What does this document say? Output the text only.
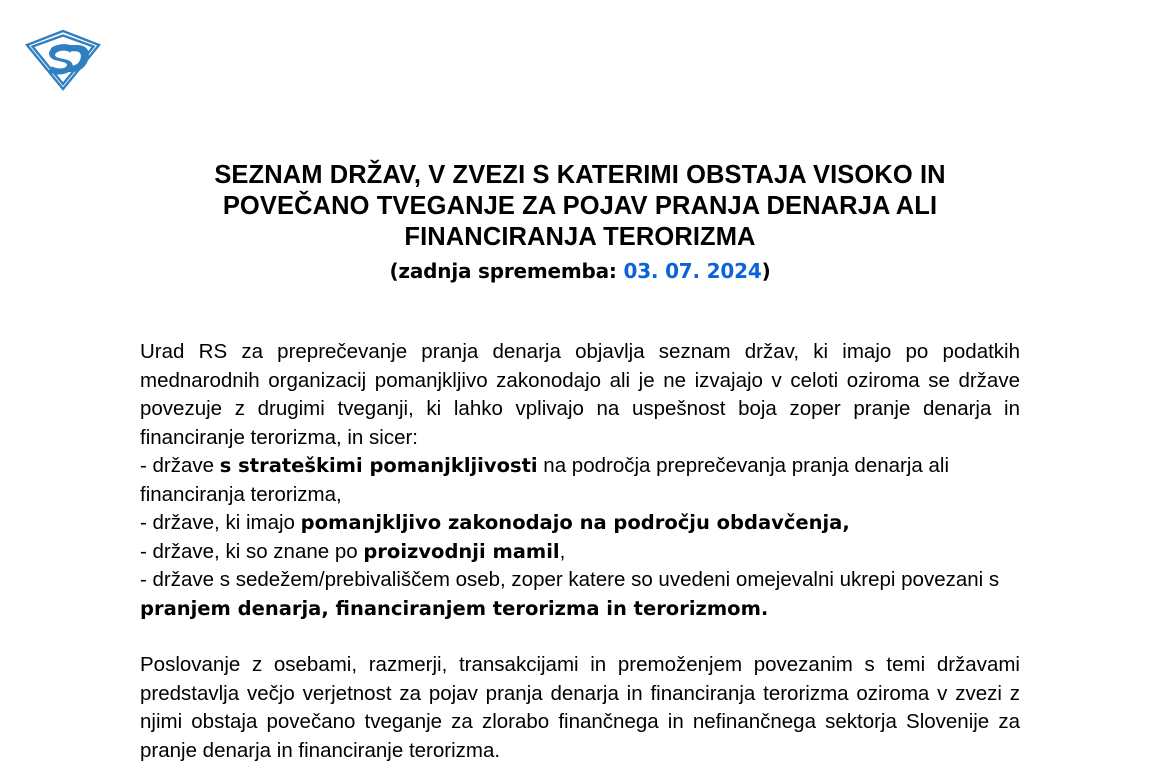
SEZNAM DRŽAV, V ZVEZI S KATERIMI OBSTAJA VISOKO IN POVEČANO TVEGANJE ZA POJAV PRANJA DENARJA ALI FINANCIRANJA TERORIZMA
(zadnja sprememba: 03. 07. 2024)

Urad RS za preprečevanje pranja denarja objavlja seznam držav, ki imajo po podatkih mednarodnih organizacij pomanjkljivo zakonodajo ali je ne izvajajo v celoti oziroma se države povezuje z drugimi tveganji, ki lahko vplivajo na uspešnost boja zoper pranje denarja in financiranje terorizma, in sicer:

- države s strateškimi pomanjkljivosti na področja preprečevanja pranja denarja ali financiranja terorizma,

- države, ki imajo pomanjkljivo zakonodajo na področju obdavčenja,

- države, ki so znane po proizvodnji mamil,

- države s sedežem/prebivališčem oseb, zoper katere so uvedeni omejevalni ukrepi povezani s pranjem denarja, financiranjem terorizma in terorizmom.

Poslovanje z osebami, razmerji, transakcijami in premoženjem povezanim s temi državami predstavlja večjo verjetnost za pojav pranja denarja in financiranja terorizma oziroma v zvezi z njimi obstaja povečano tveganje za zlorabo finančnega in nefinančnega sektorja Slovenije za pranje denarja in financiranje terorizma.
